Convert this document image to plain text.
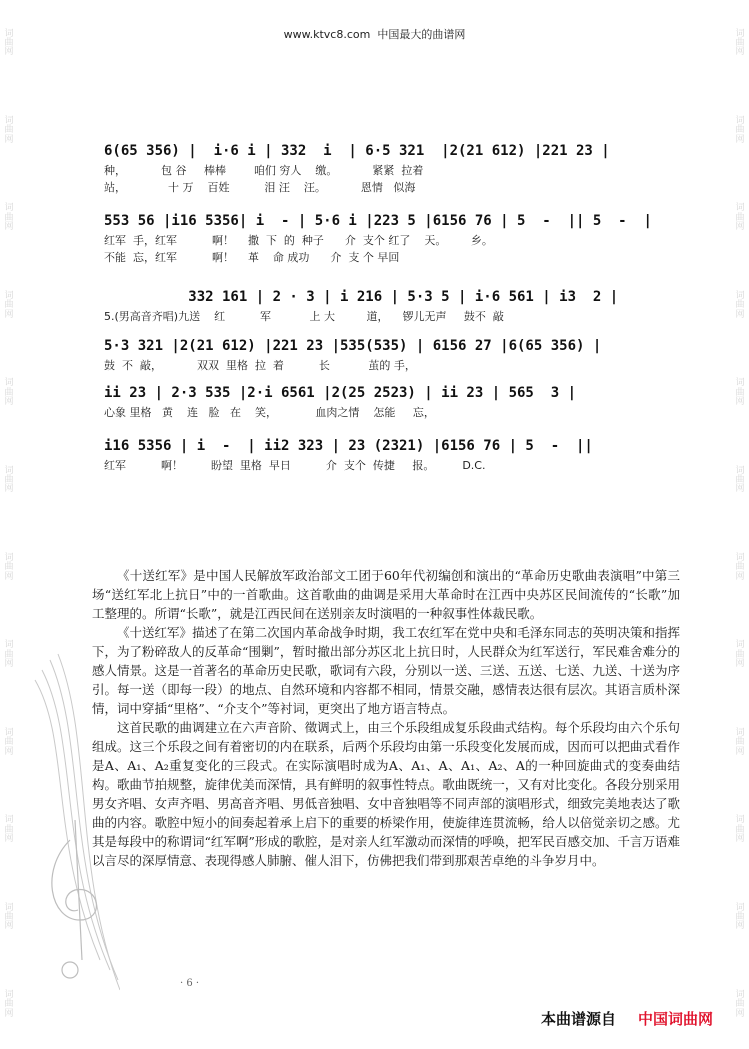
词
曲
网
词
曲
网
词
曲
网
词
曲
网
词
曲
网
词
曲
网
词
曲
网
词
曲
网
词
曲
网
词
曲
网
词
曲
网
词
曲
网
词
曲
网
词
曲
网
词
曲
网
词
曲
网
词
曲
网
词
曲
网
词
曲
网
词
曲
网
词
曲
网
词
曲
网
词
曲
网
词
曲
网
www.ktvc8.com 中国最大的曲谱网
6(65 356) |  i·6 i | 332  i  | 6·5 321  |2(21 612) |221 23 |
种，          包 谷     棒棒        咱们 穷人    缴。          紧紧  拉着
站，            十 万    百姓          泪 汪    汪。          恩情   似海
553 56 |i16 5356| i  - | 5·6 i |223 5 |6156 76 | 5  -  || 5  -  |
红军  手，红军          啊！    撒  下  的  种子      介  支个 红了    天。       乡。
不能  忘，红军          啊！    革    命 成功      介  支 个 早回
332 161 | 2 · 3 | i 216 | 5·3 5 | i·6 561 | i3  2 |
5.(男高音齐唱)九送    红          军           上 大         道，    锣儿无声     鼓不  敲
5·3 321 |2(21 612) |221 23 |535(535) | 6156 27 |6(65 356) |
鼓  不  敲，          双双  里格  拉  着          长           茧的 手，
ii 23 | 2·3 535 |2·i 6561 |2(25 2523) | ii 23 | 565  3 |
心象 里格   黄    连   脸   在    笑，           血肉之情    怎能     忘，
i16 5356 | i  -  | ii2 323 | 23 (2321) |6156 76 | 5  -  ||
红军          啊！        盼望  里格  早日          介  支个  传捷     报。        D.C.

《十送红军》是中国人民解放军政治部文工团于60年代初编创和演出的“革命历史歌曲表演唱”中第三场“送红军北上抗日”中的一首歌曲。这首歌曲的曲调是采用大革命时在江西中央苏区民间流传的“长歌”加工整理的。所谓“长歌”，就是江西民间在送别亲友时演唱的一种叙事性体裁民歌。

《十送红军》描述了在第二次国内革命战争时期，我工农红军在党中央和毛泽东同志的英明决策和指挥下，为了粉碎敌人的反革命“围剿”，暂时撤出部分苏区北上抗日时，人民群众为红军送行，军民难舍难分的感人情景。这是一首著名的革命历史民歌，歌词有六段，分别以一送、三送、五送、七送、九送、十送为序引。每一送（即每一段）的地点、自然环境和内容都不相同，情景交融，感情表达很有层次。其语言质朴深情，词中穿插“里格”、“介支个”等衬词，更突出了地方语言特点。

这首民歌的曲调建立在六声音阶、徵调式上，由三个乐段组成复乐段曲式结构。每个乐段均由六个乐句组成。这三个乐段之间有着密切的内在联系，后两个乐段均由第一乐段变化发展而成，因而可以把曲式看作是A、A₁、A₂重复变化的三段式。在实际演唱时成为A、A₁、A、A₁、A₂、A的一种回旋曲式的变奏曲结构。歌曲节拍规整，旋律优美而深情，具有鲜明的叙事性特点。歌曲既统一，又有对比变化。各段分别采用男女齐唱、女声齐唱、男高音齐唱、男低音独唱、女中音独唱等不同声部的演唱形式，细致完美地表达了歌曲的内容。歌腔中短小的间奏起着承上启下的重要的桥梁作用，使旋律连贯流畅，给人以倍觉亲切之感。尤其是每段中的称谓词“红军啊”形成的歌腔，是对亲人红军激动而深情的呼唤，把军民百感交加、千言万语难以言尽的深厚情意、表现得感人肺腑、催人泪下，仿佛把我们带到那艰苦卓绝的斗争岁月中。

· 6 ·
本曲谱源自 中国词曲网
